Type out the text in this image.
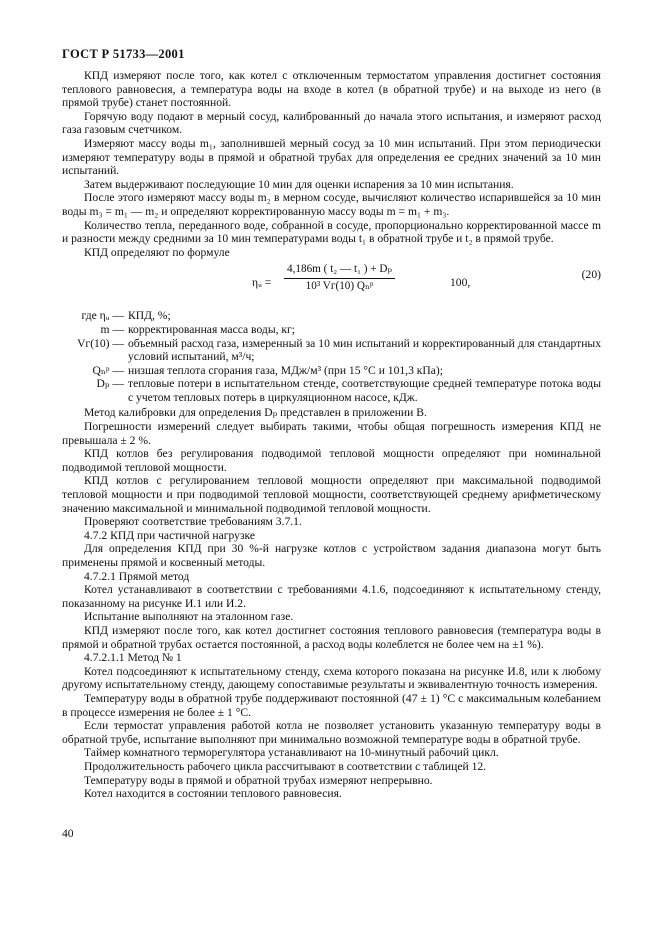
ГОСТ Р 51733—2001

КПД измеряют после того, как котел с отключенным термостатом управления достигнет состояния теплового равновесия, а температура воды на входе в котел (в обратной трубе) и на выходе из него (в прямой трубе) станет постоянной.

Горячую воду подают в мерный сосуд, калиброванный до начала этого испытания, и измеряют расход газа газовым счетчиком.

Измеряют массу воды m₁, заполнившей мерный сосуд за 10 мин испытаний. При этом периодически измеряют температуру воды в прямой и обратной трубах для определения ее средних значений за 10 мин испытаний.

Затем выдерживают последующие 10 мин для оценки испарения за 10 мин испытания.

После этого измеряют массу воды m₂ в мерном сосуде, вычисляют количество испарившейся за 10 мин воды m₃ = m₁ — m₂ и определяют корректированную массу воды m = m₁ + m₃.

Количество тепла, переданного воде, собранной в сосуде, пропорционально корректированной массе m и разности между средними за 10 мин температурами воды t₁ в обратной трубе и t₂ в прямой трубе.

КПД определяют по формуле

ηᵤ =
4,186m ( t₂ — t₁ ) + Dₚ
10³ Vг(10) Qₙᵖ	100,
(20)
где ηᵤ —	КПД, %;
m —	корректированная масса воды, кг;
Vг(10) —	объемный расход газа, измеренный за 10 мин испытаний и корректированный для стандартных условий испытаний, м³/ч;
Qₙᵖ —	низшая теплота сгорания газа, МДж/м³ (при 15 °С и 101,3 кПа);
Dₚ —	тепловые потери в испытательном стенде, соответствующие средней температуре потока воды с учетом тепловых потерь в циркуляционном насосе, кДж.

Метод калибровки для определения Dₚ представлен в приложении В.

Погрешности измерений следует выбирать такими, чтобы общая погрешность измерения КПД не превышала ± 2 %.

КПД котлов без регулирования подводимой тепловой мощности определяют при номинальной подводимой тепловой мощности.

КПД котлов с регулированием тепловой мощности определяют при максимальной подводимой тепловой мощности и при подводимой тепловой мощности, соответствующей среднему арифметическому значению максимальной и минимальной подводимой тепловой мощности.

Проверяют соответствие требованиям 3.7.1.

4.7.2 КПД при частичной нагрузке

Для определения КПД при 30 %-й нагрузке котлов с устройством задания диапазона могут быть применены прямой и косвенный методы.

4.7.2.1 Прямой метод

Котел устанавливают в соответствии с требованиями 4.1.6, подсоединяют к испытательному стенду, показанному на рисунке И.1 или И.2.

Испытание выполняют на эталонном газе.

КПД измеряют после того, как котел достигнет состояния теплового равновесия (температура воды в прямой и обратной трубах остается постоянной, а расход воды колеблется не более чем на ±1 %).

4.7.2.1.1 Метод № 1

Котел подсоединяют к испытательному стенду, схема которого показана на рисунке И.8, или к любому другому испытательному стенду, дающему сопоставимые результаты и эквивалентную точность измерения.

Температуру воды в обратной трубе поддерживают постоянной (47 ± 1) °С с максимальным колебанием в процессе измерения не более ± 1 °С.

Если термостат управления работой котла не позволяет установить указанную температуру воды в обратной трубе, испытание выполняют при минимально возможной температуре воды в обратной трубе.

Таймер комнатного терморегулятора устанавливают на 10-минутный рабочий цикл.

Продолжительность рабочего цикла рассчитывают в соответствии с таблицей 12.

Температуру воды в прямой и обратной трубах измеряют непрерывно.

Котел находится в состоянии теплового равновесия.

40
